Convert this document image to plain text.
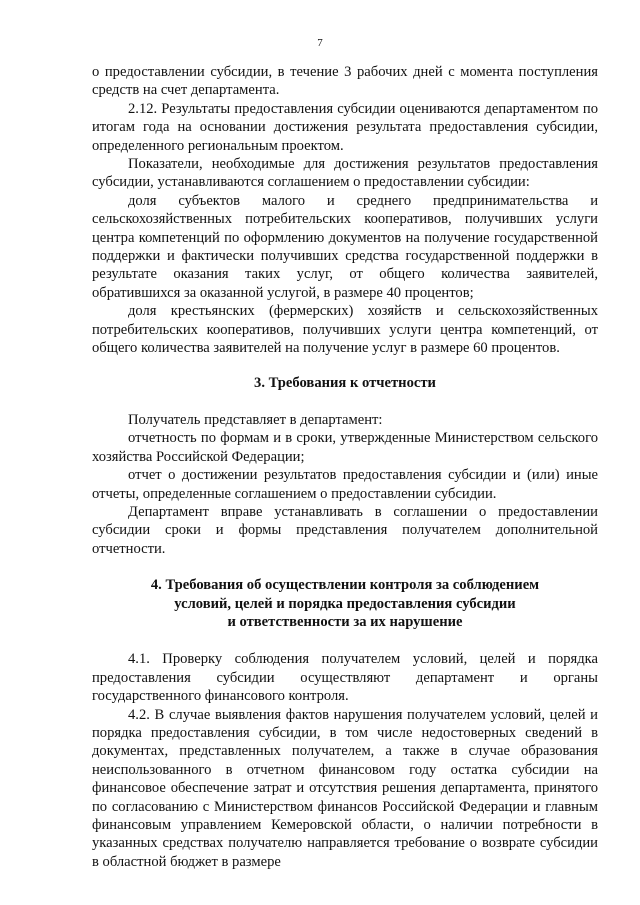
7

о предоставлении субсидии, в течение 3 рабочих дней с момента поступления средств на счет департамента.

2.12. Результаты предоставления субсидии оцениваются департаментом по итогам года на основании достижения результата предоставления субсидии, определенного региональным проектом.

Показатели, необходимые для достижения результатов предоставления субсидии, устанавливаются соглашением о предоставлении субсидии:

доля субъектов малого и среднего предпринимательства и сельскохозяйственных потребительских кооперативов, получивших услуги центра компетенций по оформлению документов на получение государственной поддержки и фактически получивших средства государственной поддержки в результате оказания таких услуг, от общего количества заявителей, обратившихся за оказанной услугой, в размере 40 процентов;

доля крестьянских (фермерских) хозяйств и сельскохозяйственных потребительских кооперативов, получивших услуги центра компетенций, от общего количества заявителей на получение услуг в размере 60 процентов.

3. Требования к отчетности

Получатель представляет в департамент:

отчетность по формам и в сроки, утвержденные Министерством сельского хозяйства Российской Федерации;

отчет о достижении результатов предоставления субсидии и (или) иные отчеты, определенные соглашением о предоставлении субсидии.

Департамент вправе устанавливать в соглашении о предоставлении субсидии сроки и формы представления получателем дополнительной отчетности.

4. Требования об осуществлении контроля за соблюдением

условий, целей и порядка предоставления субсидии

и ответственности за их нарушение

4.1. Проверку соблюдения получателем условий, целей и порядка предоставления субсидии осуществляют департамент и органы государственного финансового контроля.

4.2. В случае выявления фактов нарушения получателем условий, целей и порядка предоставления субсидии, в том числе недостоверных сведений в документах, представленных получателем, а также в случае образования неиспользованного в отчетном финансовом году остатка субсидии на финансовое обеспечение затрат и отсутствия решения департамента, принятого по согласованию с Министерством финансов Российской Федерации и главным финансовым управлением Кемеровской области, о наличии потребности в указанных средствах получателю направляется требование о возврате субсидии в областной бюджет в размере
